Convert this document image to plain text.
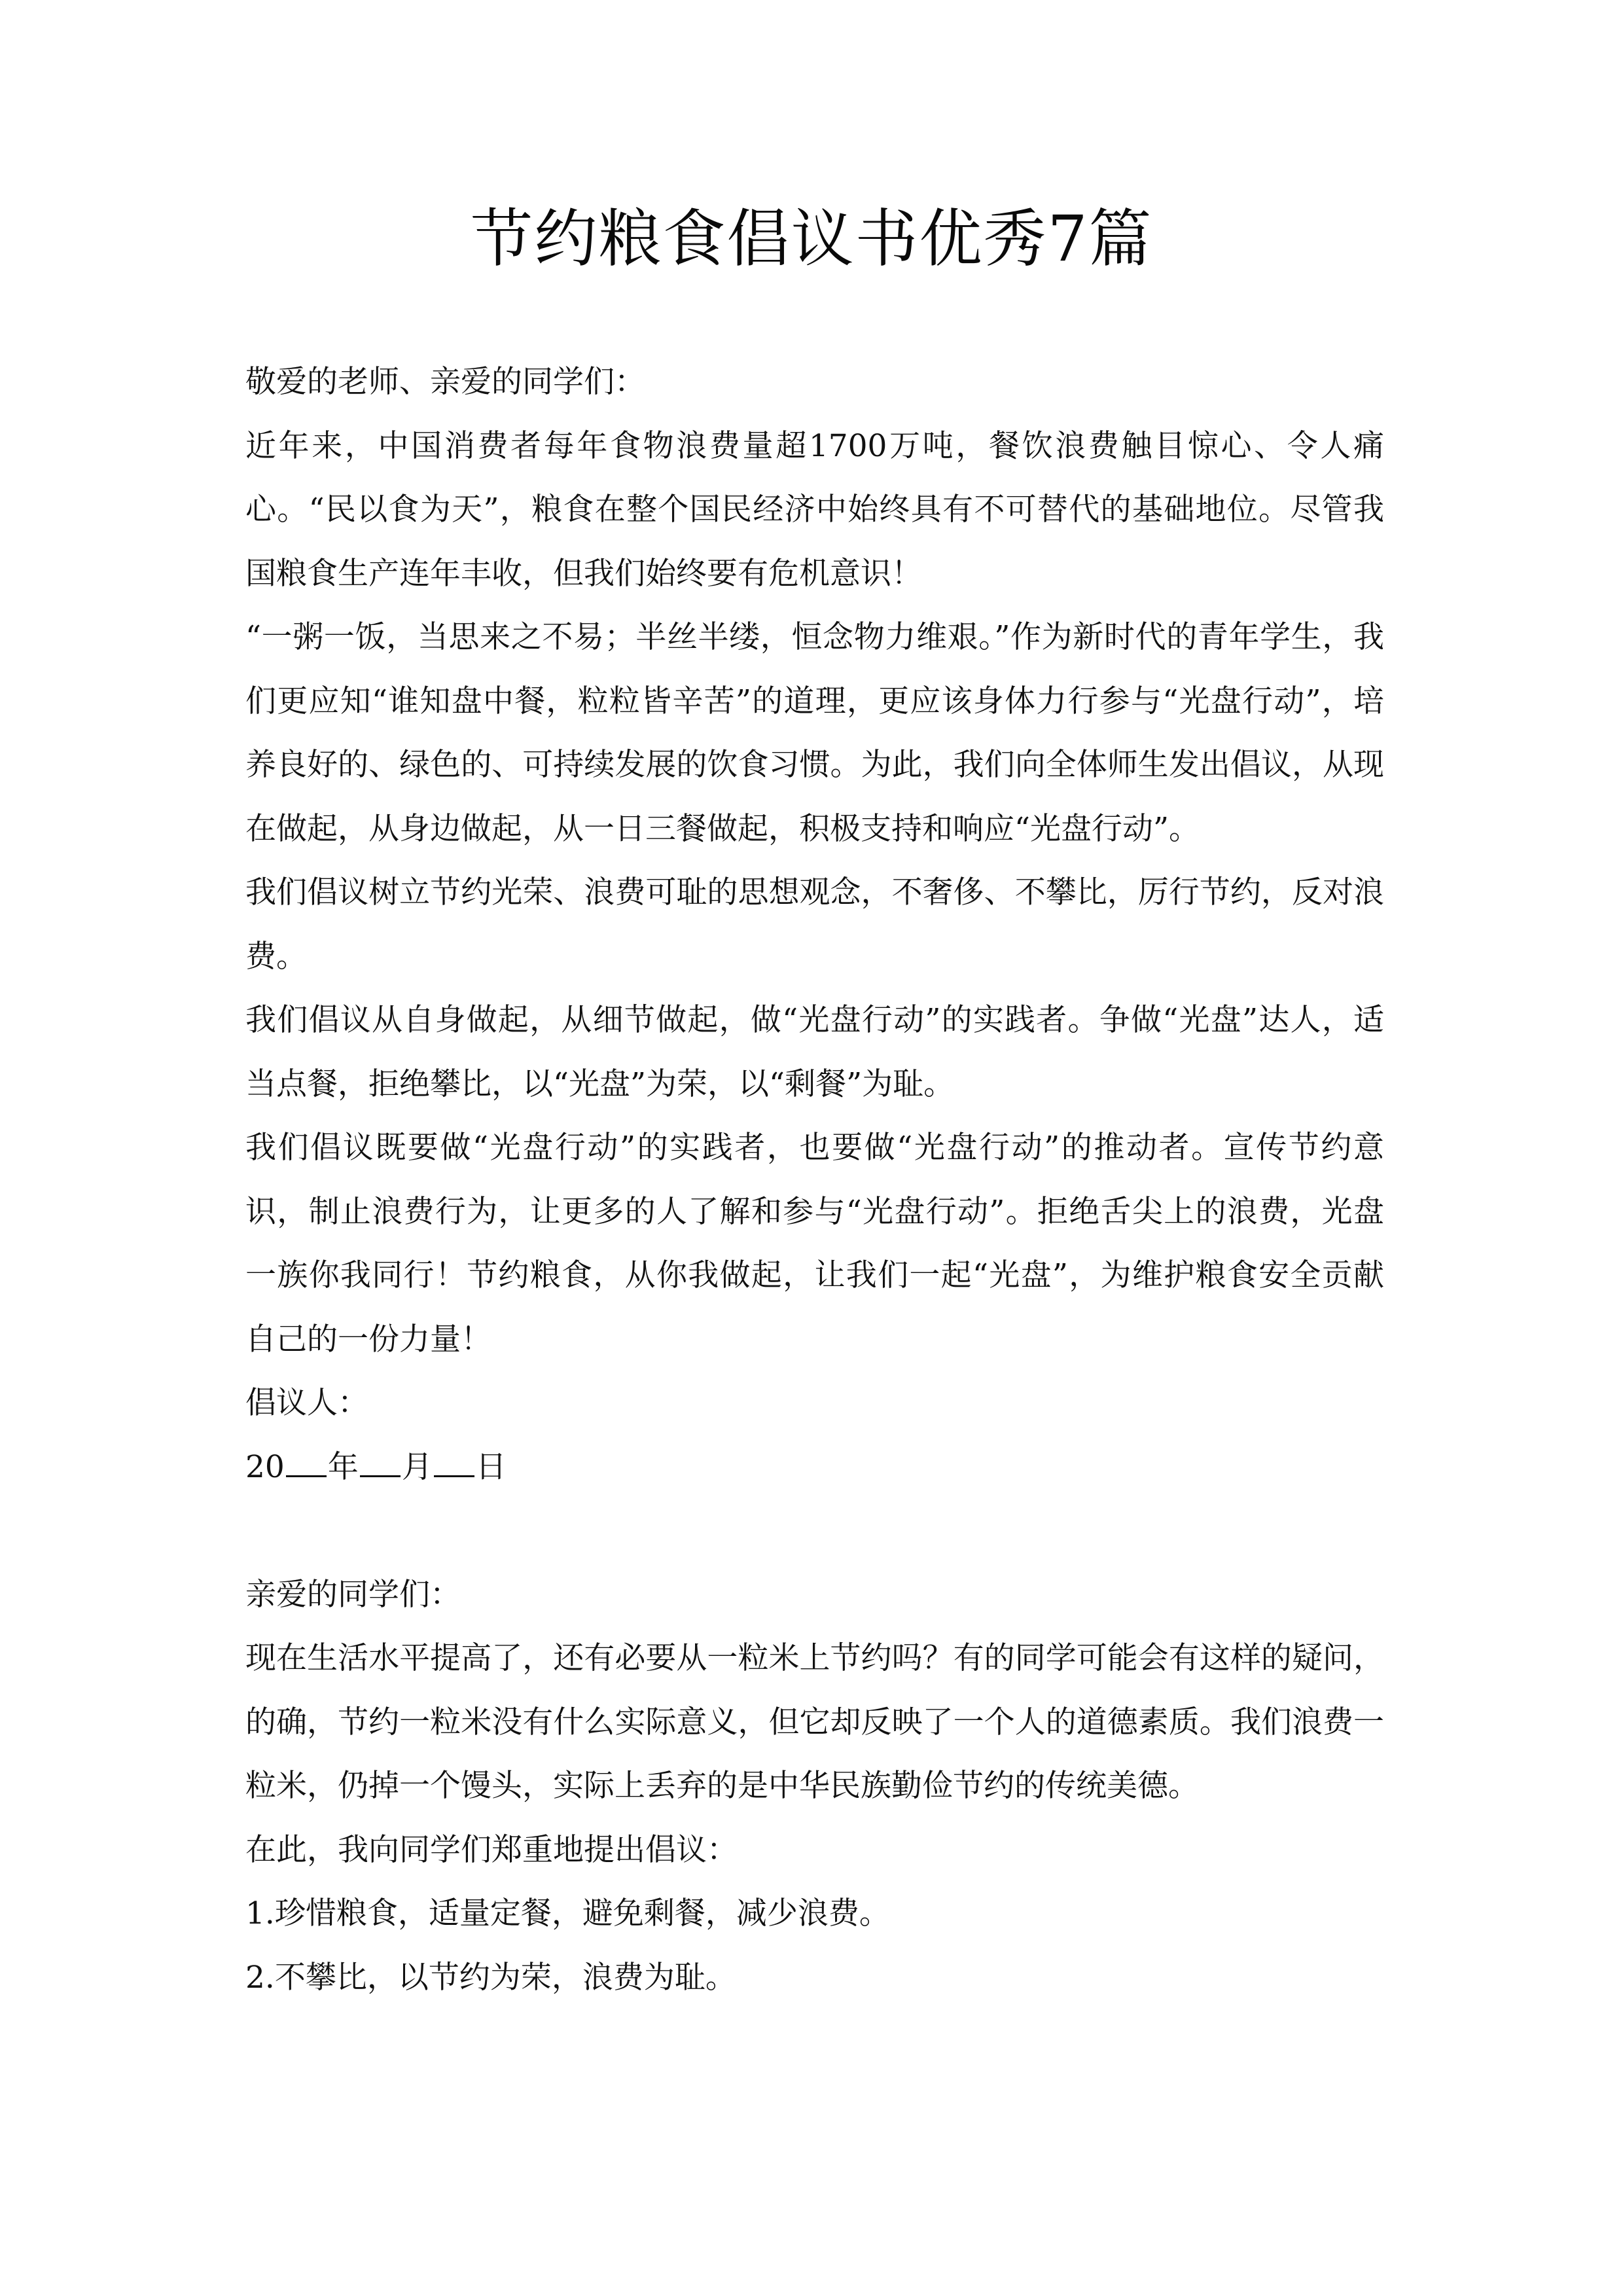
节约粮食倡议书优秀7篇

敬爱的老师、亲爱的同学们：

近年来，中国消费者每年食物浪费量超1700万吨，餐饮浪费触目惊心、令人痛心。“民以食为天”，粮食在整个国民经济中始终具有不可替代的基础地位。尽管我国粮食生产连年丰收，但我们始终要有危机意识！

“一粥一饭，当思来之不易；半丝半缕，恒念物力维艰。”作为新时代的青年学生，我们更应知“谁知盘中餐，粒粒皆辛苦”的道理，更应该身体力行参与“光盘行动”，培养良好的、绿色的、可持续发展的饮食习惯。为此，我们向全体师生发出倡议，从现在做起，从身边做起，从一日三餐做起，积极支持和响应“光盘行动”。

我们倡议树立节约光荣、浪费可耻的思想观念，不奢侈、不攀比，厉行节约，反对浪费。

我们倡议从自身做起，从细节做起，做“光盘行动”的实践者。争做“光盘”达人，适当点餐，拒绝攀比，以“光盘”为荣，以“剩餐”为耻。

我们倡议既要做“光盘行动”的实践者，也要做“光盘行动”的推动者。宣传节约意识，制止浪费行为，让更多的人了解和参与“光盘行动”。拒绝舌尖上的浪费，光盘一族你我同行！节约粮食，从你我做起，让我们一起“光盘”，为维护粮食安全贡献自己的一份力量！

倡议人：

20 年 月 日

亲爱的同学们：

现在生活水平提高了，还有必要从一粒米上节约吗？有的同学可能会有这样的疑问，的确，节约一粒米没有什么实际意义，但它却反映了一个人的道德素质。我们浪费一粒米，仍掉一个馒头，实际上丢弃的是中华民族勤俭节约的传统美德。

在此，我向同学们郑重地提出倡议：

1.珍惜粮食，适量定餐，避免剩餐，减少浪费。

2.不攀比，以节约为荣，浪费为耻。
